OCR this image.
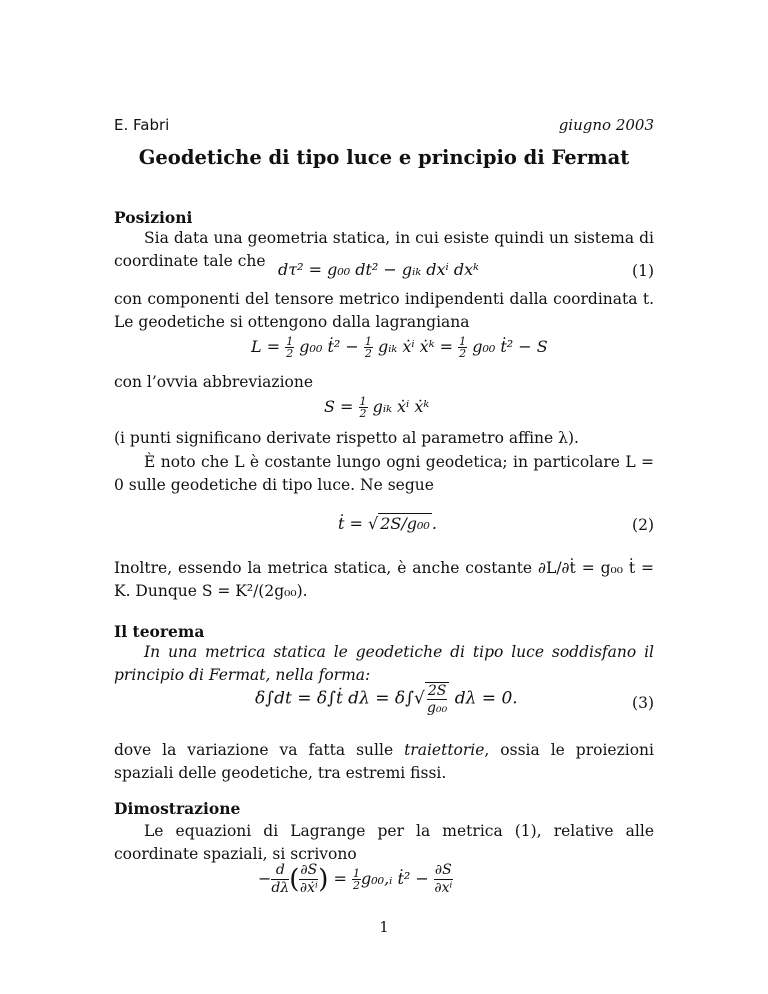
E. Fabri	giugno 2003
Geodetiche di tipo luce e principio di Fermat
Posizioni
Sia data una geometria statica, in cui esiste quindi un sistema di coordinate tale che dτ² = g₀₀ dt² − gᵢₖ dxⁱ dxᵏ	(1)
con componenti del tensore metrico indipendenti dalla coordinata t. Le geodetiche si ottengono dalla lagrangiana
$L = \frac{1}{2} g_{00}$ ṫ² − $\frac{1}{2}$ gᵢₖ ẋⁱ ẋᵏ = $\frac{1}{2} g_{00}$ ṫ² − S
con l’ovvia abbreviazione
$S = \frac{1}{2}$ gᵢₖ ẋⁱ ẋᵏ
(i punti significano derivate rispetto al parametro affine λ).
È noto che L è costante lungo ogni geodetica; in particolare L = 0 sulle geodetiche di tipo luce. Ne segue
ṫ = √ 2S/g₀₀ .	(2)
Inoltre, essendo la metrica statica, è anche costante ∂L/∂ṫ = g₀₀ ṫ = K. Dunque S = K²/(2g₀₀).
Il teorema
In una metrica statica le geodetiche di tipo luce soddisfano il principio di Fermat, nella forma:
δ∫dt = δ∫ṫ $d\lambda = \delta\int√ \frac{2S}{\text{g₀₀}}$ dλ = 0.	(3)
dove la variazione va fatta sulle traiettorie, ossia le proiezioni spaziali delle geodetiche, tra estremi fissi.
Dimostrazione
Le equazioni di Lagrange per la metrica (1), relative alle coordinate spaziali, si scrivono
− $\frac{d}{d\lambda}$ ( $\frac{\partial S}{\text{∂ẋⁱ}}$ ) = $\frac{1}{2}$ g₀₀,ᵢ ṫ² − $\frac{\partial S}{\text{∂xⁱ}}$
1
